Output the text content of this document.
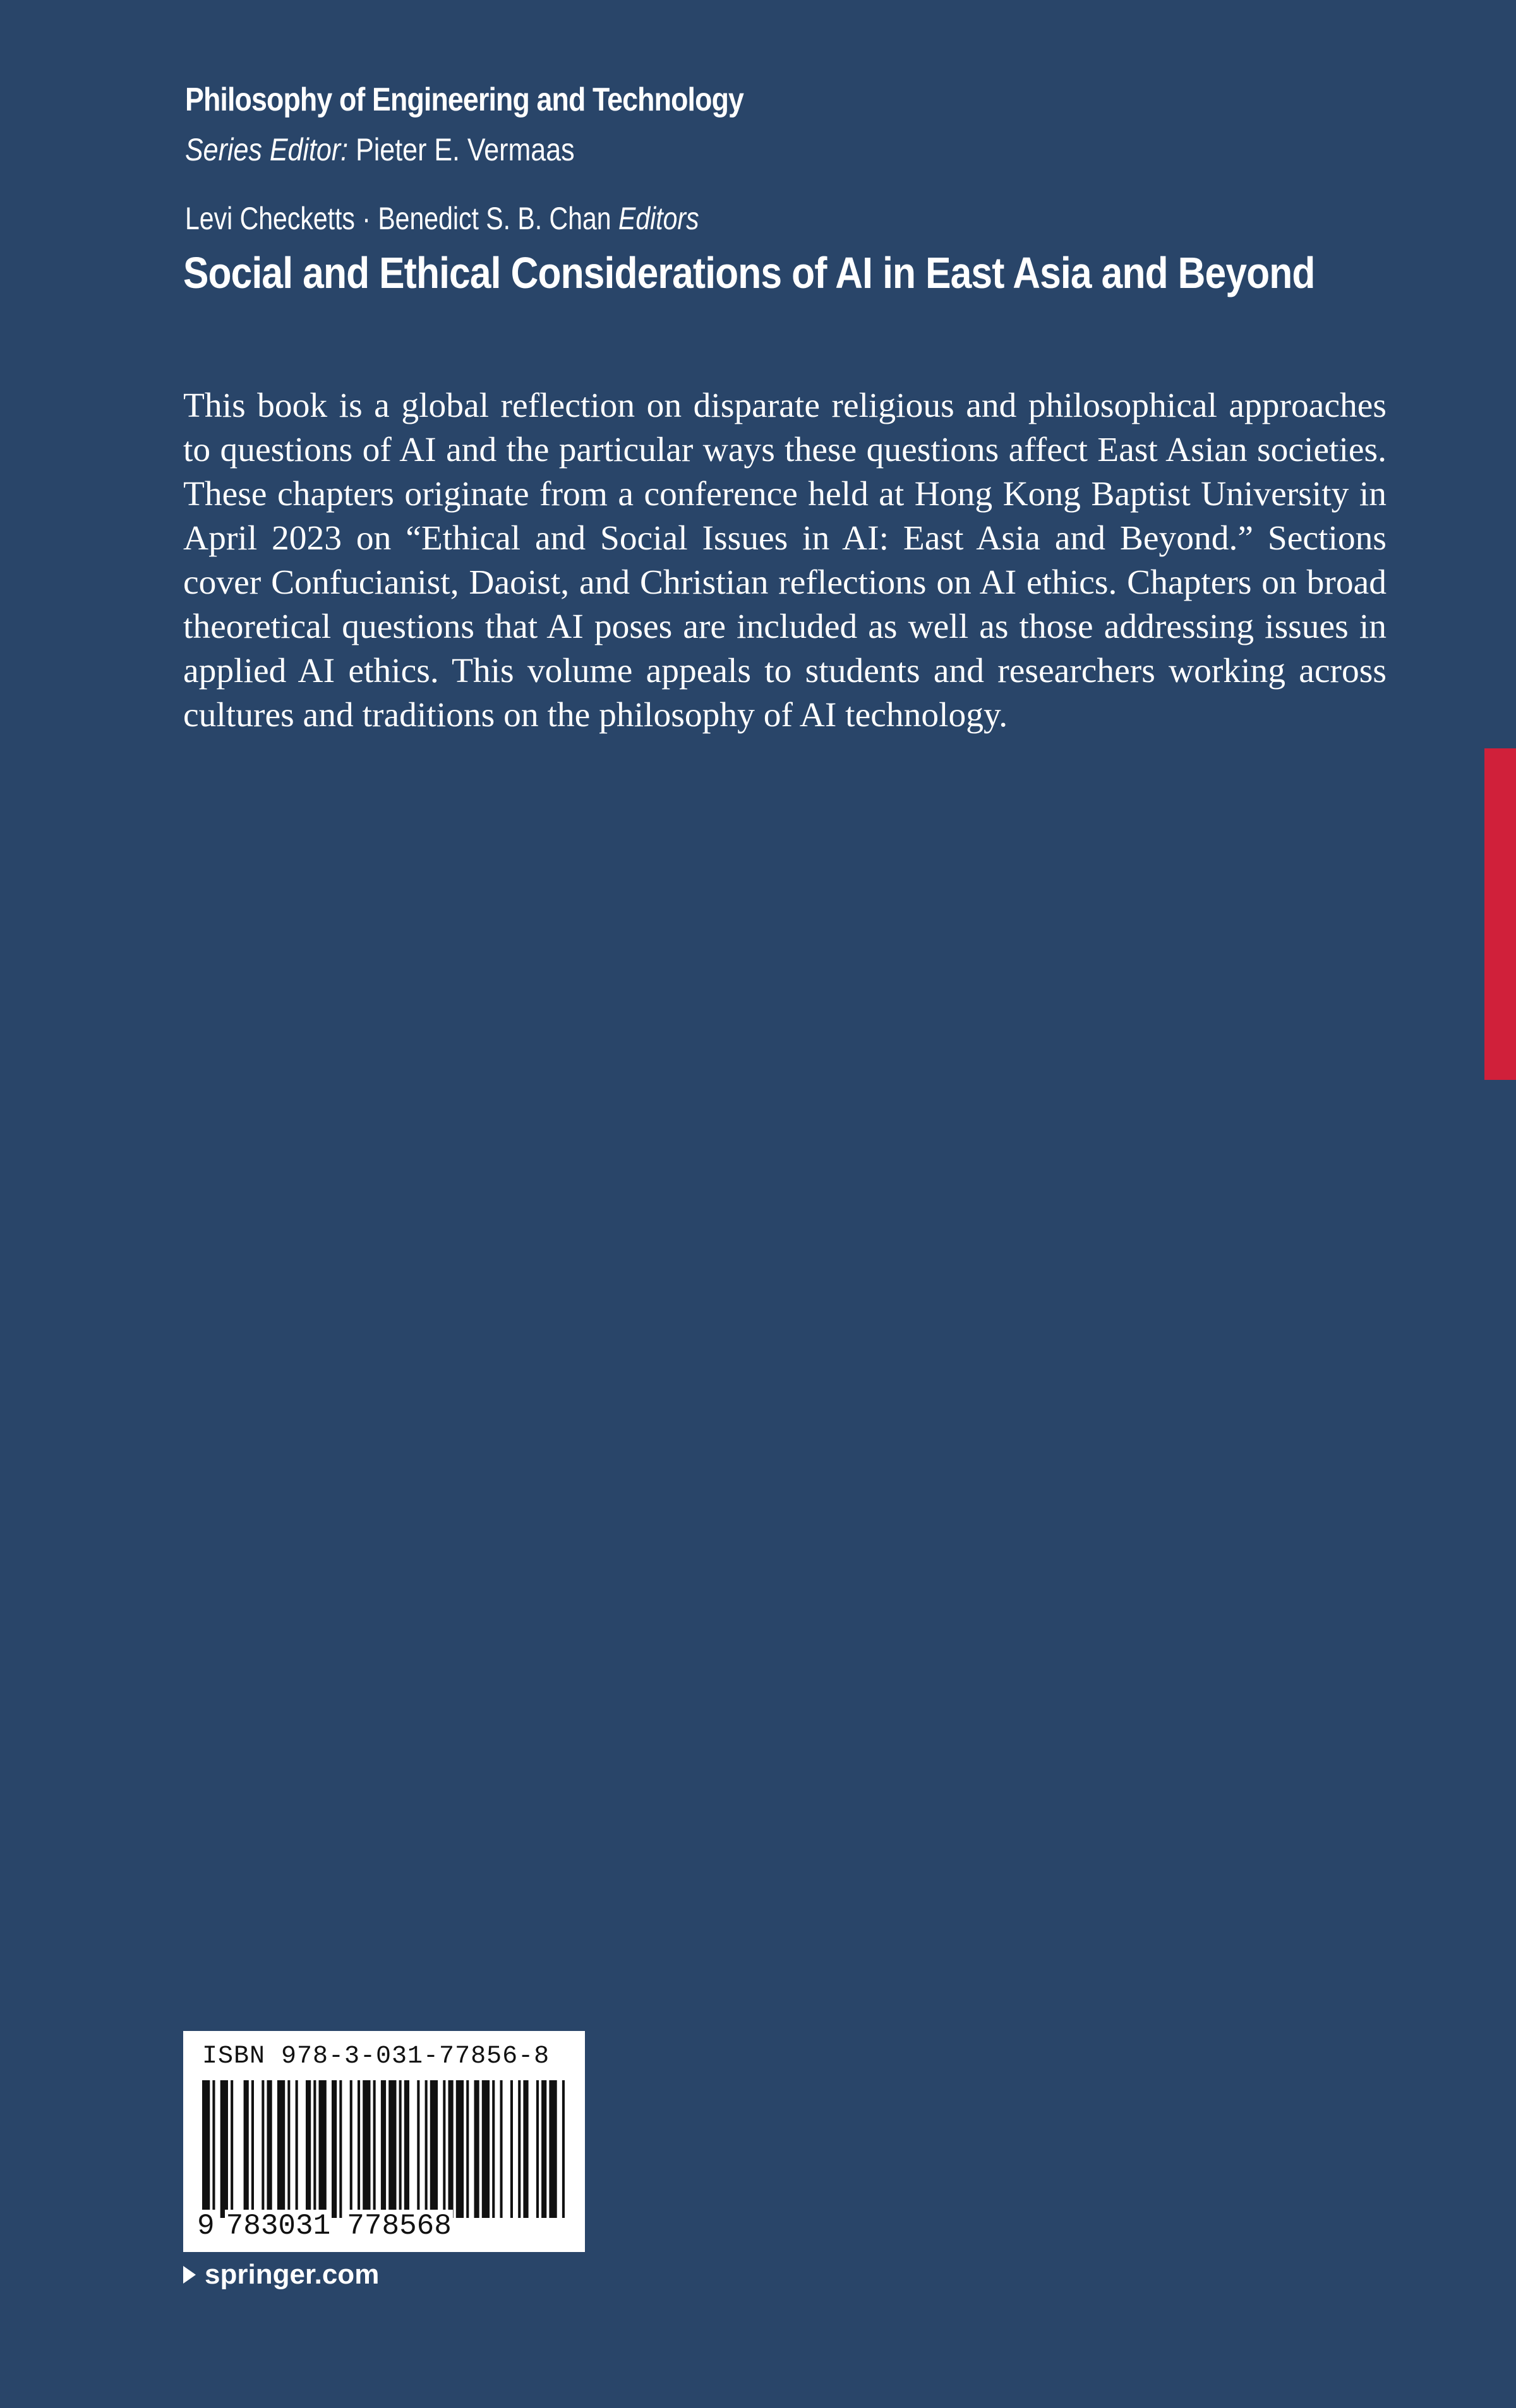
Philosophy of Engineering and Technology
Series Editor: Pieter E. Vermaas
Levi Checketts · Benedict S. B. Chan Editors
Social and Ethical Considerations of AI in East Asia and Beyond
This book is a global reflection on disparate religious and philosophical approaches to questions of AI and the particular ways these questions affect East Asian societies. These chapters originate from a conference held at Hong Kong Baptist University in April 2023 on “Ethical and Social Issues in AI: East Asia and Beyond.” Sections cover Confucianist, Daoist, and Christian reflections on AI ethics. Chapters on broad theoretical questions that AI poses are included as well as those addressing issues in applied AI ethics. This volume appeals to students and researchers working across cultures and traditions on the philosophy of AI technology.
ISBN 978-3-031-77856-8
9 783031 778568
springer.com
